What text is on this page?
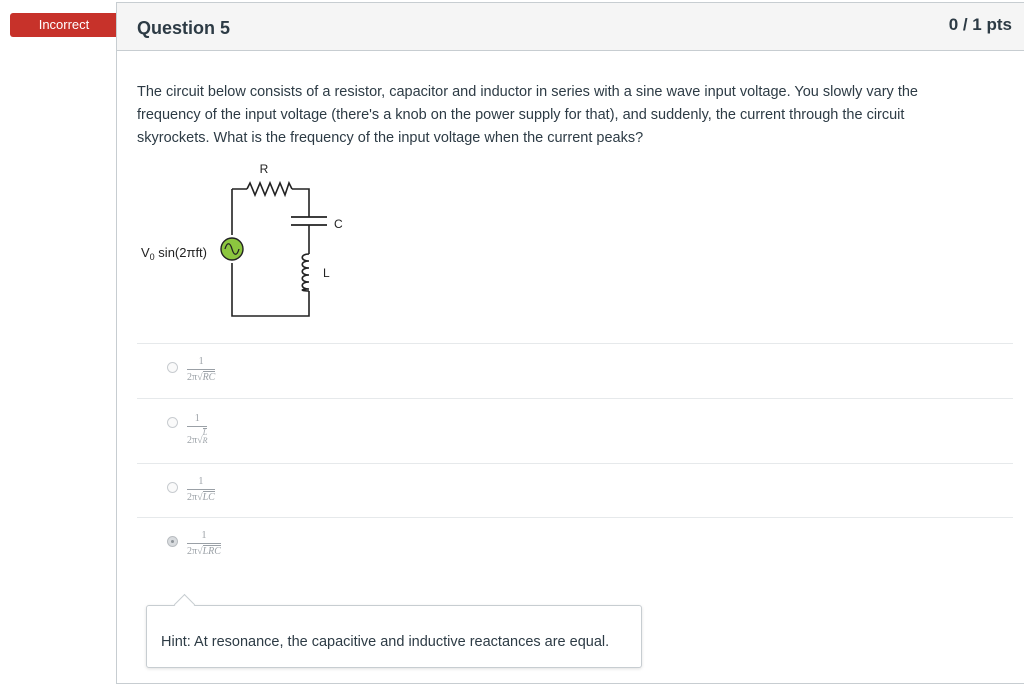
Incorrect	Question 5	0 / 1 pts
The circuit below consists of a resistor, capacitor and inductor in series with a sine wave input voltage. You slowly vary the frequency of the input voltage (there's a knob on the power supply for that), and suddenly, the current through the circuit skyrockets. What is the frequency of the input voltage when the current peaks?
R
C
L
$V_0$ sin(2πft)
$\frac{1}{2\pi√RC}$
1
2π√L
R
$\frac{1}{2\pi√LC}$
1
2π√LRC
Hint: At resonance, the capacitive and inductive reactances are equal.
